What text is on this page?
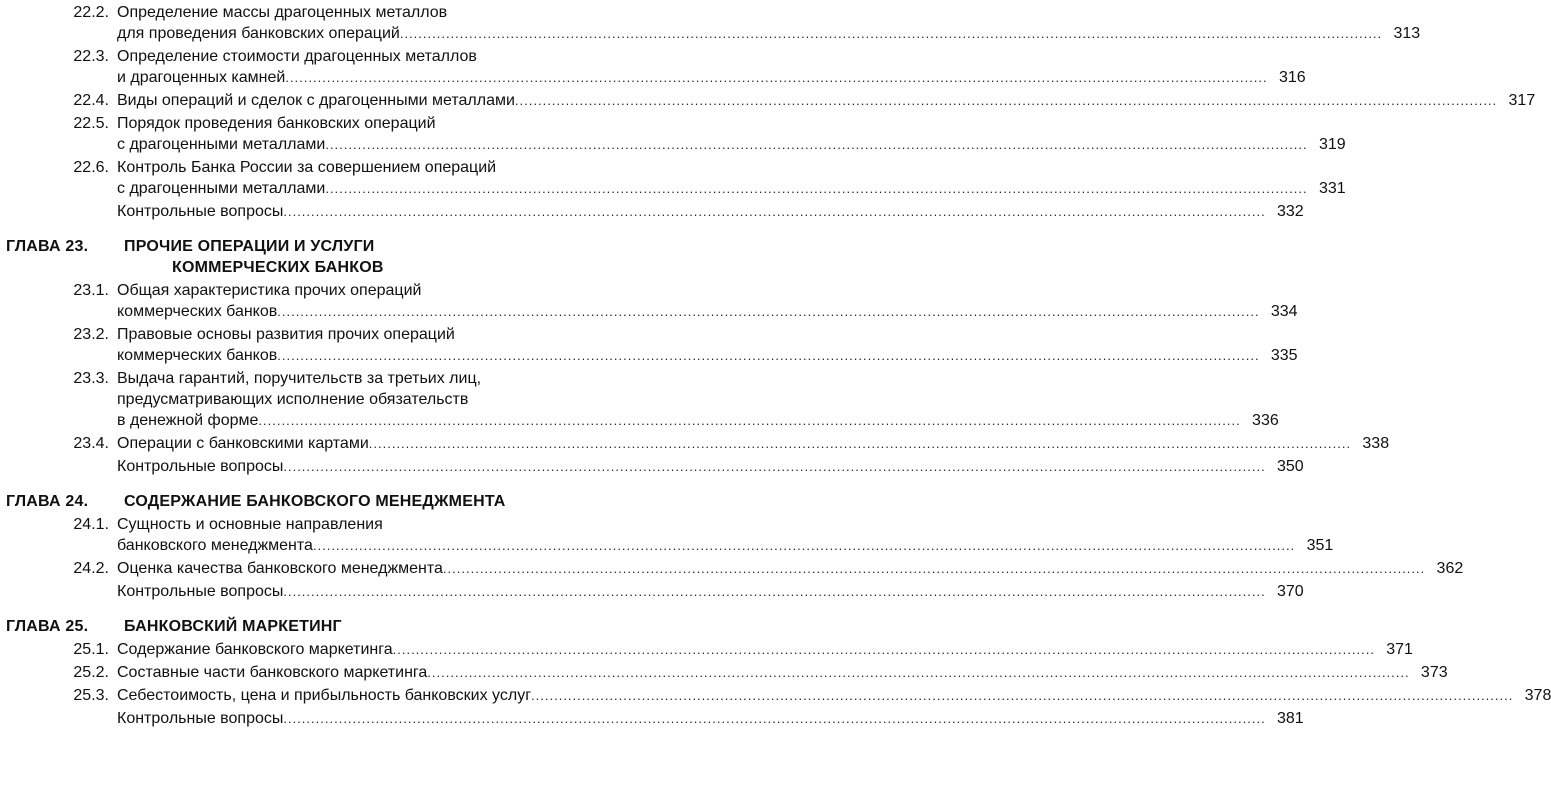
22.2. Определение массы драгоценных металлов
для проведения банковских операций .....	313
22.3. Определение стоимости драгоценных металлов
и драгоценных камней .....	316
22.4. Виды операций и сделок с драгоценными металлами .....	317
22.5. Порядок проведения банковских операций
с драгоценными металлами .....	319
22.6. Контроль Банка России за совершением операций
с драгоценными металлами .....	331
Контрольные вопросы .....	332
ГЛАВА 23.	ПРОЧИЕ ОПЕРАЦИИ И УСЛУГИ
КОММЕРЧЕСКИХ БАНКОВ
23.1. Общая характеристика прочих операций
коммерческих банков .....	334
23.2. Правовые основы развития прочих операций
коммерческих банков .....	335
23.3. Выдача гарантий, поручительств за третьих лиц,
предусматривающих исполнение обязательств
в денежной форме .....	336
23.4. Операции с банковскими картами .....	338
Контрольные вопросы .....	350
ГЛАВА 24.	СОДЕРЖАНИЕ БАНКОВСКОГО МЕНЕДЖМЕНТА
24.1. Сущность и основные направления
банковского менеджмента .....	351
24.2. Оценка качества банковского менеджмента .....	362
Контрольные вопросы .....	370
ГЛАВА 25.	БАНКОВСКИЙ МАРКЕТИНГ
25.1. Содержание банковского маркетинга .....	371
25.2. Составные части банковского маркетинга .....	373
25.3. Себестоимость, цена и прибыльность банковских услуг .....	378
Контрольные вопросы .....	381
